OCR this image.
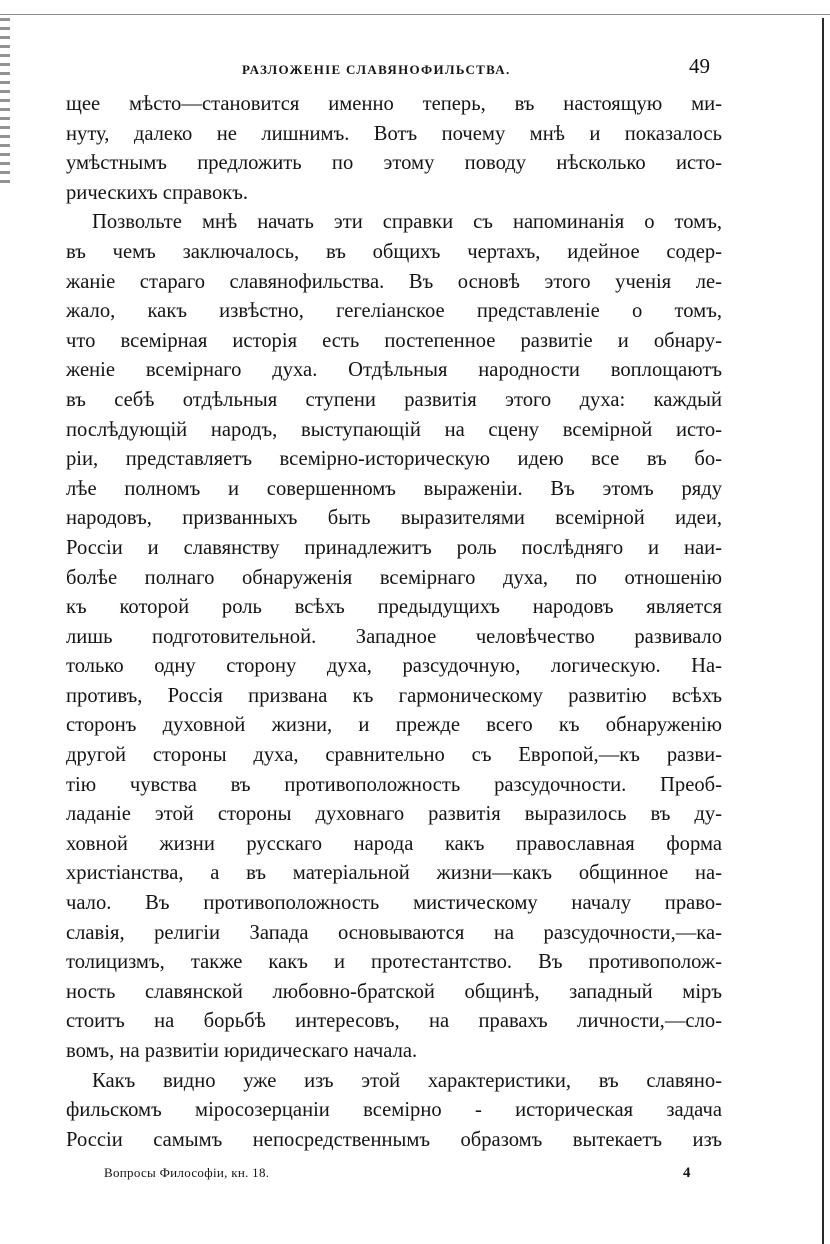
РАЗЛОЖЕНІЕ СЛАВЯНОФИЛЬСТВА.	49

щее мѣсто—становится именно теперь, въ настоящую ми-
нуту, далеко не лишнимъ. Вотъ почему мнѣ и показалось
умѣстнымъ предложить по этому поводу нѣсколько исто-
рическихъ справокъ.

Позвольте мнѣ начать эти справки съ напоминанія о томъ,
въ чемъ заключалось, въ общихъ чертахъ, идейное содер-
жаніе стараго славянофильства. Въ основѣ этого ученія ле-
жало, какъ извѣстно, гегеліанское представленіе о томъ,
что всемірная исторія есть постепенное развитіе и обнару-
женіе всемірнаго духа. Отдѣльныя народности воплощаютъ
въ себѣ отдѣльныя ступени развитія этого духа: каждый
послѣдующій народъ, выступающій на сцену всемірной исто-
ріи, представляетъ всемірно-историческую идею все въ бо-
лѣе полномъ и совершенномъ выраженіи. Въ этомъ ряду
народовъ, призванныхъ быть выразителями всемірной идеи,
Россіи и славянству принадлежитъ роль послѣдняго и наи-
болѣе полнаго обнаруженія всемірнаго духа, по отношенію
къ которой роль всѣхъ предыдущихъ народовъ является
лишь подготовительной. Западное человѣчество развивало
только одну сторону духа, разсудочную, логическую. На-
противъ, Россія призвана къ гармоническому развитію всѣхъ
сторонъ духовной жизни, и прежде всего къ обнаруженію
другой стороны духа, сравнительно съ Европой,—къ разви-
тію чувства въ противоположность разсудочности. Преоб-
ладаніе этой стороны духовнаго развитія выразилось въ ду-
ховной жизни русскаго народа какъ православная форма
христіанства, а въ матеріальной жизни—какъ общинное на-
чало. Въ противоположность мистическому началу право-
славія, религіи Запада основываются на разсудочности,—ка-
толицизмъ, также какъ и протестантство. Въ противополож-
ность славянской любовно-братской общинѣ, западный міръ
стоитъ на борьбѣ интересовъ, на правахъ личности,—сло-
вомъ, на развитіи юридическаго начала.

Какъ видно уже изъ этой характеристики, въ славяно-
фильскомъ міросозерцаніи всемірно - историческая задача
Россіи самымъ непосредственнымъ образомъ вытекаетъ изъ

Вопросы Философіи, кн. 18.	4
